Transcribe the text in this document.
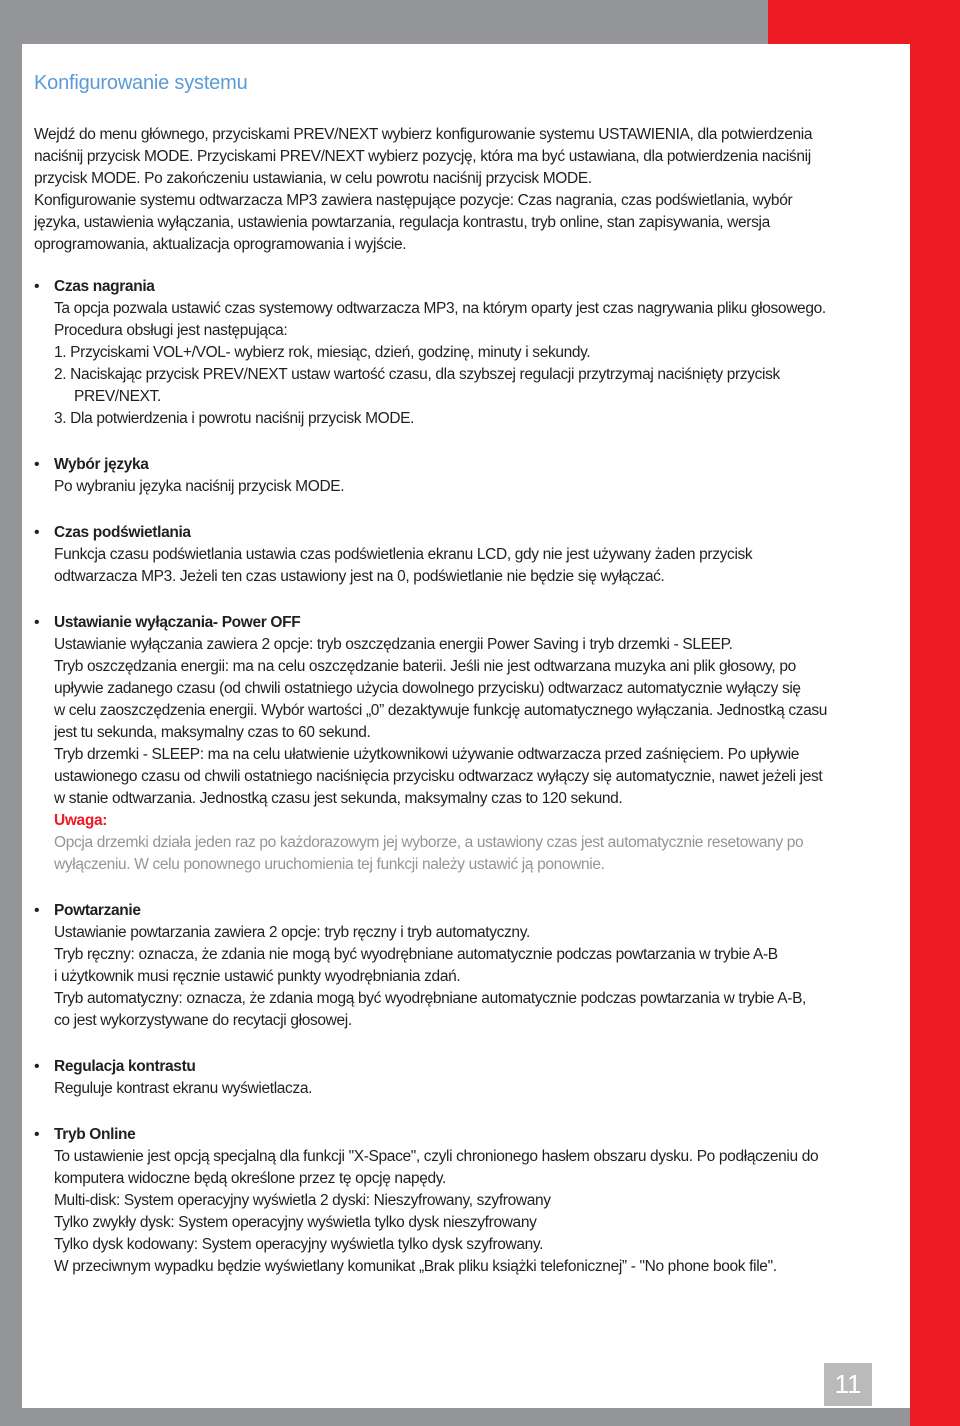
Konfigurowanie systemu

Wejdź do menu głównego, przyciskami PREV/NEXT wybierz konfigurowanie systemu USTAWIENIA, dla potwierdzenia

naciśnij przycisk MODE. Przyciskami PREV/NEXT wybierz pozycję, która ma być ustawiana, dla potwierdzenia naciśnij

przycisk MODE. Po zakończeniu ustawiania, w celu powrotu naciśnij przycisk MODE.

Konfigurowanie systemu odtwarzacza MP3 zawiera następujące pozycje: Czas nagrania, czas podświetlania, wybór

języka, ustawienia wyłączania, ustawienia powtarzania, regulacja kontrastu, tryb online, stan zapisywania, wersja

oprogramowania, aktualizacja oprogramowania i wyjście.

• Czas nagrania

Ta opcja pozwala ustawić czas systemowy odtwarzacza MP3, na którym oparty jest czas nagrywania pliku głosowego.

Procedura obsługi jest następująca:

1. Przyciskami VOL+/VOL- wybierz rok, miesiąc, dzień, godzinę, minuty i sekundy.

2. Naciskając przycisk PREV/NEXT ustaw wartość czasu, dla szybszej regulacji przytrzymaj naciśnięty przycisk

PREV/NEXT.

3. Dla potwierdzenia i powrotu naciśnij przycisk MODE.

• Wybór języka

Po wybraniu języka naciśnij przycisk MODE.

• Czas podświetlania

Funkcja czasu podświetlania ustawia czas podświetlenia ekranu LCD, gdy nie jest używany żaden przycisk

odtwarzacza MP3. Jeżeli ten czas ustawiony jest na 0, podświetlanie nie będzie się wyłączać.

• Ustawianie wyłączania- Power OFF

Ustawianie wyłączania zawiera 2 opcje: tryb oszczędzania energii Power Saving i tryb drzemki - SLEEP.

Tryb oszczędzania energii: ma na celu oszczędzanie baterii. Jeśli nie jest odtwarzana muzyka ani plik głosowy, po

upływie zadanego czasu (od chwili ostatniego użycia dowolnego przycisku) odtwarzacz automatycznie wyłączy się

w celu zaoszczędzenia energii. Wybór wartości „0” dezaktywuje funkcję automatycznego wyłączania. Jednostką czasu

jest tu sekunda, maksymalny czas to 60 sekund.

Tryb drzemki - SLEEP: ma na celu ułatwienie użytkownikowi używanie odtwarzacza przed zaśnięciem. Po upływie

ustawionego czasu od chwili ostatniego naciśnięcia przycisku odtwarzacz wyłączy się automatycznie, nawet jeżeli jest

w stanie odtwarzania. Jednostką czasu jest sekunda, maksymalny czas to 120 sekund.

Uwaga:

Opcja drzemki działa jeden raz po każdorazowym jej wyborze, a ustawiony czas jest automatycznie resetowany po

wyłączeniu. W celu ponownego uruchomienia tej funkcji należy ustawić ją ponownie.

• Powtarzanie

Ustawianie powtarzania zawiera 2 opcje: tryb ręczny i tryb automatyczny.

Tryb ręczny: oznacza, że zdania nie mogą być wyodrębniane automatycznie podczas powtarzania w trybie A-B

i użytkownik musi ręcznie ustawić punkty wyodrębniania zdań.

Tryb automatyczny: oznacza, że zdania mogą być wyodrębniane automatycznie podczas powtarzania w trybie A-B,

co jest wykorzystywane do recytacji głosowej.

• Regulacja kontrastu

Reguluje kontrast ekranu wyświetlacza.

• Tryb Online

To ustawienie jest opcją specjalną dla funkcji "X-Space", czyli chronionego hasłem obszaru dysku. Po podłączeniu do

komputera widoczne będą określone przez tę opcję napędy.

Multi-disk: System operacyjny wyświetla 2 dyski: Nieszyfrowany, szyfrowany

Tylko zwykły dysk: System operacyjny wyświetla tylko dysk nieszyfrowany

Tylko dysk kodowany: System operacyjny wyświetla tylko dysk szyfrowany.

W przeciwnym wypadku będzie wyświetlany komunikat „Brak pliku książki telefonicznej” - "No phone book file".

11
